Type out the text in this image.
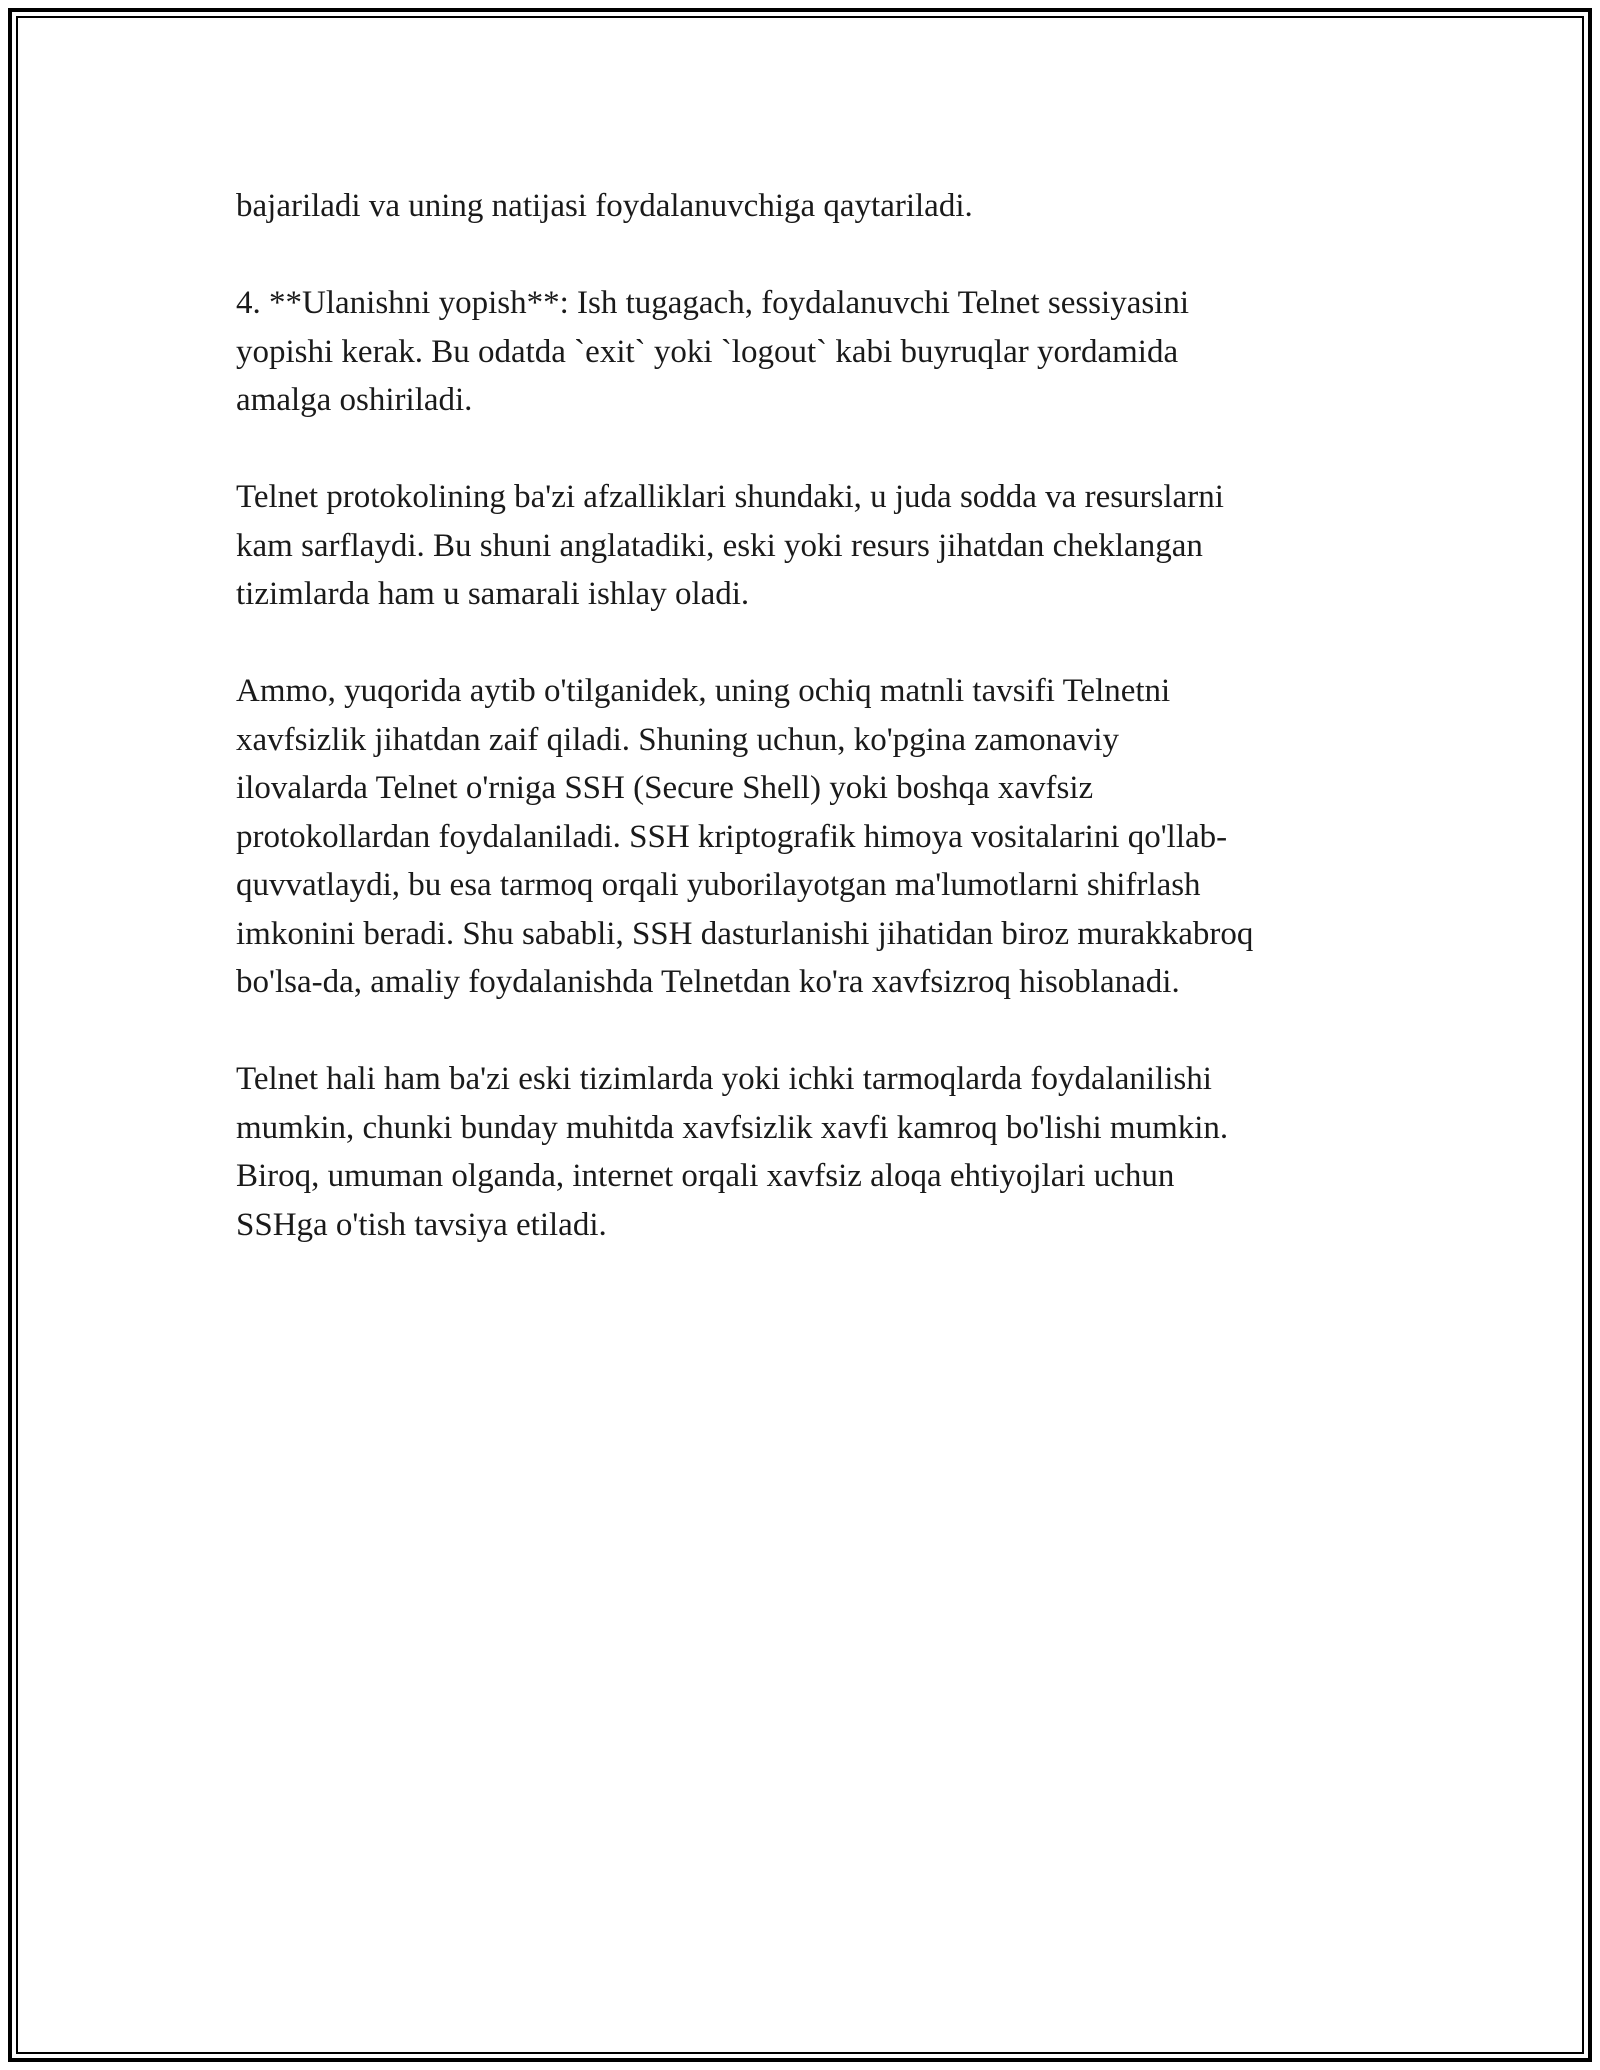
bajariladi va uning natijasi foydalanuvchiga qaytariladi.

4. **Ulanishni yopish**: Ish tugagach, foydalanuvchi Telnet sessiyasini
yopishi kerak. Bu odatda `exit` yoki `logout` kabi buyruqlar yordamida
amalga oshiriladi.

Telnet protokolining ba'zi afzalliklari shundaki, u juda sodda va resurslarni
kam sarflaydi. Bu shuni anglatadiki, eski yoki resurs jihatdan cheklangan
tizimlarda ham u samarali ishlay oladi.

Ammo, yuqorida aytib o'tilganidek, uning ochiq matnli tavsifi Telnetni
xavfsizlik jihatdan zaif qiladi. Shuning uchun, ko'pgina zamonaviy
ilovalarda Telnet o'rniga SSH (Secure Shell) yoki boshqa xavfsiz
protokollardan foydalaniladi. SSH kriptografik himoya vositalarini qo'llab-
quvvatlaydi, bu esa tarmoq orqali yuborilayotgan ma'lumotlarni shifrlash
imkonini beradi. Shu sababli, SSH dasturlanishi jihatidan biroz murakkabroq
bo'lsa-da, amaliy foydalanishda Telnetdan ko'ra xavfsizroq hisoblanadi.

Telnet hali ham ba'zi eski tizimlarda yoki ichki tarmoqlarda foydalanilishi
mumkin, chunki bunday muhitda xavfsizlik xavfi kamroq bo'lishi mumkin.
Biroq, umuman olganda, internet orqali xavfsiz aloqa ehtiyojlari uchun
SSHga o'tish tavsiya etiladi.
